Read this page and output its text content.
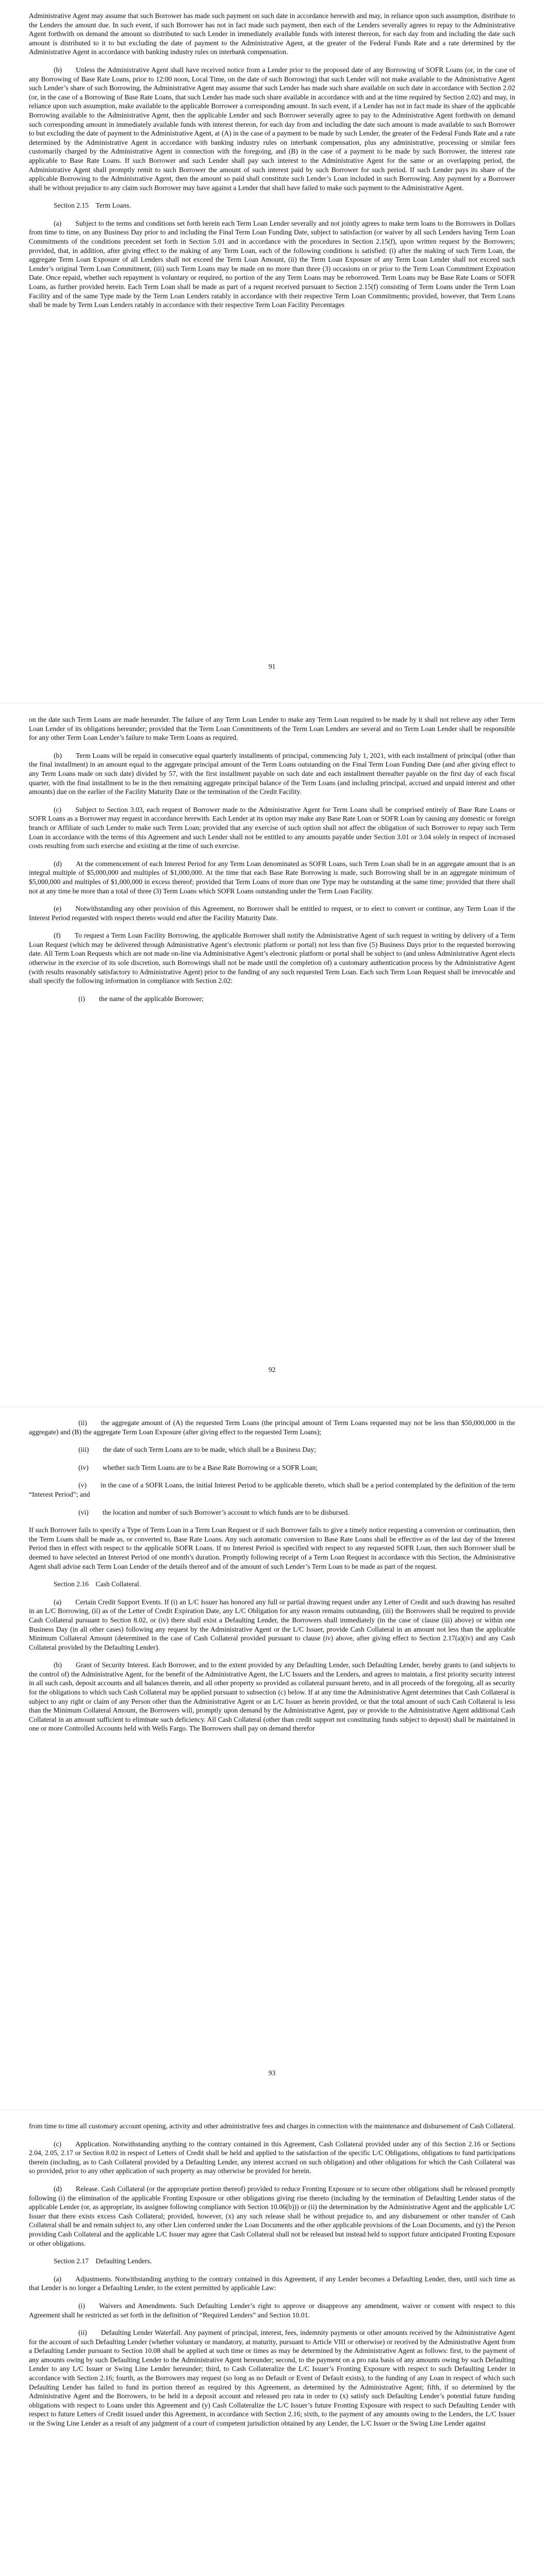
Administrative Agent may assume that such Borrower has made such payment on such date in accordance herewith and may, in reliance upon such assumption, distribute to the Lenders the amount due. In such event, if such Borrower has not in fact made such payment, then each of the Lenders severally agrees to repay to the Administrative Agent forthwith on demand the amount so distributed to such Lender in immediately available funds with interest thereon, for each day from and including the date such amount is distributed to it to but excluding the date of payment to the Administrative Agent, at the greater of the Federal Funds Rate and a rate determined by the Administrative Agent in accordance with banking industry rules on interbank compensation.

(b)  Unless the Administrative Agent shall have received notice from a Lender prior to the proposed date of any Borrowing of SOFR Loans (or, in the case of any Borrowing of Base Rate Loans, prior to 12:00 noon, Local Time, on the date of such Borrowing) that such Lender will not make available to the Administrative Agent such Lender’s share of such Borrowing, the Administrative Agent may assume that such Lender has made such share available on such date in accordance with Section 2.02 (or, in the case of a Borrowing of Base Rate Loans, that such Lender has made such share available in accordance with and at the time required by Section 2.02) and may, in reliance upon such assumption, make available to the applicable Borrower a corresponding amount. In such event, if a Lender has not in fact made its share of the applicable Borrowing available to the Administrative Agent, then the applicable Lender and such Borrower severally agree to pay to the Administrative Agent forthwith on demand such corresponding amount in immediately available funds with interest thereon, for each day from and including the date such amount is made available to such Borrower to but excluding the date of payment to the Administrative Agent, at (A) in the case of a payment to be made by such Lender, the greater of the Federal Funds Rate and a rate determined by the Administrative Agent in accordance with banking industry rules on interbank compensation, plus any administrative, processing or similar fees customarily charged by the Administrative Agent in connection with the foregoing, and (B) in the case of a payment to be made by such Borrower, the interest rate applicable to Base Rate Loans. If such Borrower and such Lender shall pay such interest to the Administrative Agent for the same or an overlapping period, the Administrative Agent shall promptly remit to such Borrower the amount of such interest paid by such Borrower for such period. If such Lender pays its share of the applicable Borrowing to the Administrative Agent, then the amount so paid shall constitute such Lender’s Loan included in such Borrowing. Any payment by a Borrower shall be without prejudice to any claim such Borrower may have against a Lender that shall have failed to make such payment to the Administrative Agent.

Section 2.15 Term Loans.

(a)  Subject to the terms and conditions set forth herein each Term Loan Lender severally and not jointly agrees to make term loans to the Borrowers in Dollars from time to time, on any Business Day prior to and including the Final Term Loan Funding Date, subject to satisfaction (or waiver by all such Lenders having Term Loan Commitments of the conditions precedent set forth in Section 5.01 and in accordance with the procedures in Section 2.15(f), upon written request by the Borrowers; provided, that, in addition, after giving effect to the making of any Term Loan, each of the following conditions is satisfied: (i) after the making of such Term Loan, the aggregate Term Loan Exposure of all Lenders shall not exceed the Term Loan Amount, (ii) the Term Loan Exposure of any Term Loan Lender shall not exceed such Lender’s original Term Loan Commitment, (iii) such Term Loans may be made on no more than three (3) occasions on or prior to the Term Loan Commitment Expiration Date. Once repaid, whether such repayment is voluntary or required, no portion of the any Term Loans may be reborrowed. Term Loans may be Base Rate Loans or SOFR Loans, as further provided herein. Each Term Loan shall be made as part of a request received pursuant to Section 2.15(f) consisting of Term Loans under the Term Loan Facility and of the same Type made by the Term Loan Lenders ratably in accordance with their respective Term Loan Commitments; provided, however, that Term Loans shall be made by Term Loan Lenders ratably in accordance with their respective Term Loan Facility Percentages

91

on the date such Term Loans are made hereunder. The failure of any Term Loan Lender to make any Term Loan required to be made by it shall not relieve any other Term Loan Lender of its obligations hereunder; provided that the Term Loan Commitments of the Term Loan Lenders are several and no Term Loan Lender shall be responsible for any other Term Loan Lender’s failure to make Term Loans as required.

(b)  Term Loans will be repaid in consecutive equal quarterly installments of principal, commencing July 1, 2021, with each installment of principal (other than the final installment) in an amount equal to the aggregate principal amount of the Term Loans outstanding on the Final Term Loan Funding Date (and after giving effect to any Term Loans made on such date) divided by 57, with the first installment payable on such date and each installment thereafter payable on the first day of each fiscal quarter, with the final installment to be in the then remaining aggregate principal balance of the Term Loans (and including principal, accrued and unpaid interest and other amounts) due on the earlier of the Facility Maturity Date or the termination of the Credit Facility.

(c)  Subject to Section 3.03, each request of Borrower made to the Administrative Agent for Term Loans shall be comprised entirely of Base Rate Loans or SOFR Loans as a Borrower may request in accordance herewith. Each Lender at its option may make any Base Rate Loan or SOFR Loan by causing any domestic or foreign branch or Affiliate of such Lender to make such Term Loan; provided that any exercise of such option shall not affect the obligation of such Borrower to repay such Term Loan in accordance with the terms of this Agreement and such Lender shall not be entitled to any amounts payable under Section 3.01 or 3.04 solely in respect of increased costs resulting from such exercise and existing at the time of such exercise.

(d)  At the commencement of each Interest Period for any Term Loan denominated as SOFR Loans, such Term Loan shall be in an aggregate amount that is an integral multiple of $5,000,000 and multiples of $1,000,000. At the time that each Base Rate Borrowing is made, such Borrowing shall be in an aggregate minimum of $5,000,000 and multiples of $1,000,000 in excess thereof; provided that Term Loans of more than one Type may be outstanding at the same time; provided that there shall not at any time be more than a total of three (3) Term Loans which SOFR Loans outstanding under the Term Loan Facility.

(e)  Notwithstanding any other provision of this Agreement, no Borrower shall be entitled to request, or to elect to convert or continue, any Term Loan if the Interest Period requested with respect thereto would end after the Facility Maturity Date.

(f)  To request a Term Loan Facility Borrowing, the applicable Borrower shall notify the Administrative Agent of such request in writing by delivery of a Term Loan Request (which may be delivered through Administrative Agent’s electronic platform or portal) not less than five (5) Business Days prior to the requested borrowing date. All Term Loan Requests which are not made on-line via Administrative Agent’s electronic platform or portal shall be subject to (and unless Administrative Agent elects otherwise in the exercise of its sole discretion, such Borrowings shall not be made until the completion of) a customary authentication process by the Administrative Agent (with results reasonably satisfactory to Administrative Agent) prior to the funding of any such requested Term Loan. Each such Term Loan Request shall be irrevocable and shall specify the following information in compliance with Section 2.02:

(i)  the name of the applicable Borrower;

92

(ii)  the aggregate amount of (A) the requested Term Loans (the principal amount of Term Loans requested may not be less than $50,000,000 in the aggregate) and (B) the aggregate Term Loan Exposure (after giving effect to the requested Term Loans);

(iii)  the date of such Term Loans are to be made, which shall be a Business Day;

(iv)  whether such Term Loans are to be a Base Rate Borrowing or a SOFR Loan;

(v)  in the case of a SOFR Loans, the initial Interest Period to be applicable thereto, which shall be a period contemplated by the definition of the term “Interest Period”; and

(vi)  the location and number of such Borrower’s account to which funds are to be disbursed.

If such Borrower fails to specify a Type of Term Loan in a Term Loan Request or if such Borrower fails to give a timely notice requesting a conversion or continuation, then the Term Loans shall be made as, or converted to, Base Rate Loans. Any such automatic conversion to Base Rate Loans shall be effective as of the last day of the Interest Period then in effect with respect to the applicable SOFR Loans. If no Interest Period is specified with respect to any requested SOFR Loan, then such Borrower shall be deemed to have selected an Interest Period of one month’s duration. Promptly following receipt of a Term Loan Request in accordance with this Section, the Administrative Agent shall advise each Term Loan Lender of the details thereof and of the amount of such Lender’s Term Loan to be made as part of the request.

Section 2.16 Cash Collateral.

(a)  Certain Credit Support Events. If (i) an L/C Issuer has honored any full or partial drawing request under any Letter of Credit and such drawing has resulted in an L/C Borrowing, (ii) as of the Letter of Credit Expiration Date, any L/C Obligation for any reason remains outstanding, (iii) the Borrowers shall be required to provide Cash Collateral pursuant to Section 8.02, or (iv) there shall exist a Defaulting Lender, the Borrowers shall immediately (in the case of clause (iii) above) or within one Business Day (in all other cases) following any request by the Administrative Agent or the L/C Issuer, provide Cash Collateral in an amount not less than the applicable Minimum Collateral Amount (determined in the case of Cash Collateral provided pursuant to clause (iv) above, after giving effect to Section 2.17(a)(iv) and any Cash Collateral provided by the Defaulting Lender).

(b)  Grant of Security Interest. Each Borrower, and to the extent provided by any Defaulting Lender, such Defaulting Lender, hereby grants to (and subjects to the control of) the Administrative Agent, for the benefit of the Administrative Agent, the L/C Issuers and the Lenders, and agrees to maintain, a first priority security interest in all such cash, deposit accounts and all balances therein, and all other property so provided as collateral pursuant hereto, and in all proceeds of the foregoing, all as security for the obligations to which such Cash Collateral may be applied pursuant to subsection (c) below. If at any time the Administrative Agent determines that Cash Collateral is subject to any right or claim of any Person other than the Administrative Agent or an L/C Issuer as herein provided, or that the total amount of such Cash Collateral is less than the Minimum Collateral Amount, the Borrowers will, promptly upon demand by the Administrative Agent, pay or provide to the Administrative Agent additional Cash Collateral in an amount sufficient to eliminate such deficiency. All Cash Collateral (other than credit support not constituting funds subject to deposit) shall be maintained in one or more Controlled Accounts held with Wells Fargo. The Borrowers shall pay on demand therefor

93

from time to time all customary account opening, activity and other administrative fees and charges in connection with the maintenance and disbursement of Cash Collateral.

(c)  Application. Notwithstanding anything to the contrary contained in this Agreement, Cash Collateral provided under any of this Section 2.16 or Sections 2.04, 2.05, 2.17 or Section 8.02 in respect of Letters of Credit shall be held and applied to the satisfaction of the specific L/C Obligations, obligations to fund participations therein (including, as to Cash Collateral provided by a Defaulting Lender, any interest accrued on such obligation) and other obligations for which the Cash Collateral was so provided, prior to any other application of such property as may otherwise be provided for herein.

(d)  Release. Cash Collateral (or the appropriate portion thereof) provided to reduce Fronting Exposure or to secure other obligations shall be released promptly following (i) the elimination of the applicable Fronting Exposure or other obligations giving rise thereto (including by the termination of Defaulting Lender status of the applicable Lender (or, as appropriate, its assignee following compliance with Section 10.06(b))) or (ii) the determination by the Administrative Agent and the applicable L/C Issuer that there exists excess Cash Collateral; provided, however, (x) any such release shall be without prejudice to, and any disbursement or other transfer of Cash Collateral shall be and remain subject to, any other Lien conferred under the Loan Documents and the other applicable provisions of the Loan Documents, and (y) the Person providing Cash Collateral and the applicable L/C Issuer may agree that Cash Collateral shall not be released but instead held to support future anticipated Fronting Exposure or other obligations.

Section 2.17 Defaulting Lenders.

(a)  Adjustments. Notwithstanding anything to the contrary contained in this Agreement, if any Lender becomes a Defaulting Lender, then, until such time as that Lender is no longer a Defaulting Lender, to the extent permitted by applicable Law:

(i)  Waivers and Amendments. Such Defaulting Lender’s right to approve or disapprove any amendment, waiver or consent with respect to this Agreement shall be restricted as set forth in the definition of “Required Lenders” and Section 10.01.

(ii)  Defaulting Lender Waterfall. Any payment of principal, interest, fees, indemnity payments or other amounts received by the Administrative Agent for the account of such Defaulting Lender (whether voluntary or mandatory, at maturity, pursuant to Article VIII or otherwise) or received by the Administrative Agent from a Defaulting Lender pursuant to Section 10.08 shall be applied at such time or times as may be determined by the Administrative Agent as follows: first, to the payment of any amounts owing by such Defaulting Lender to the Administrative Agent hereunder; second, to the payment on a pro rata basis of any amounts owing by such Defaulting Lender to any L/C Issuer or Swing Line Lender hereunder; third, to Cash Collateralize the L/C Issuer’s Fronting Exposure with respect to such Defaulting Lender in accordance with Section 2.16; fourth, as the Borrowers may request (so long as no Default or Event of Default exists), to the funding of any Loan in respect of which such Defaulting Lender has failed to fund its portion thereof as required by this Agreement, as determined by the Administrative Agent; fifth, if so determined by the Administrative Agent and the Borrowers, to be held in a deposit account and released pro rata in order to (x) satisfy such Defaulting Lender’s potential future funding obligations with respect to Loans under this Agreement and (y) Cash Collateralize the L/C Issuer’s future Fronting Exposure with respect to such Defaulting Lender with respect to future Letters of Credit issued under this Agreement, in accordance with Section 2.16; sixth, to the payment of any amounts owing to the Lenders, the L/C Issuer or the Swing Line Lender as a result of any judgment of a court of competent jurisdiction obtained by any Lender, the L/C Issuer or the Swing Line Lender against
